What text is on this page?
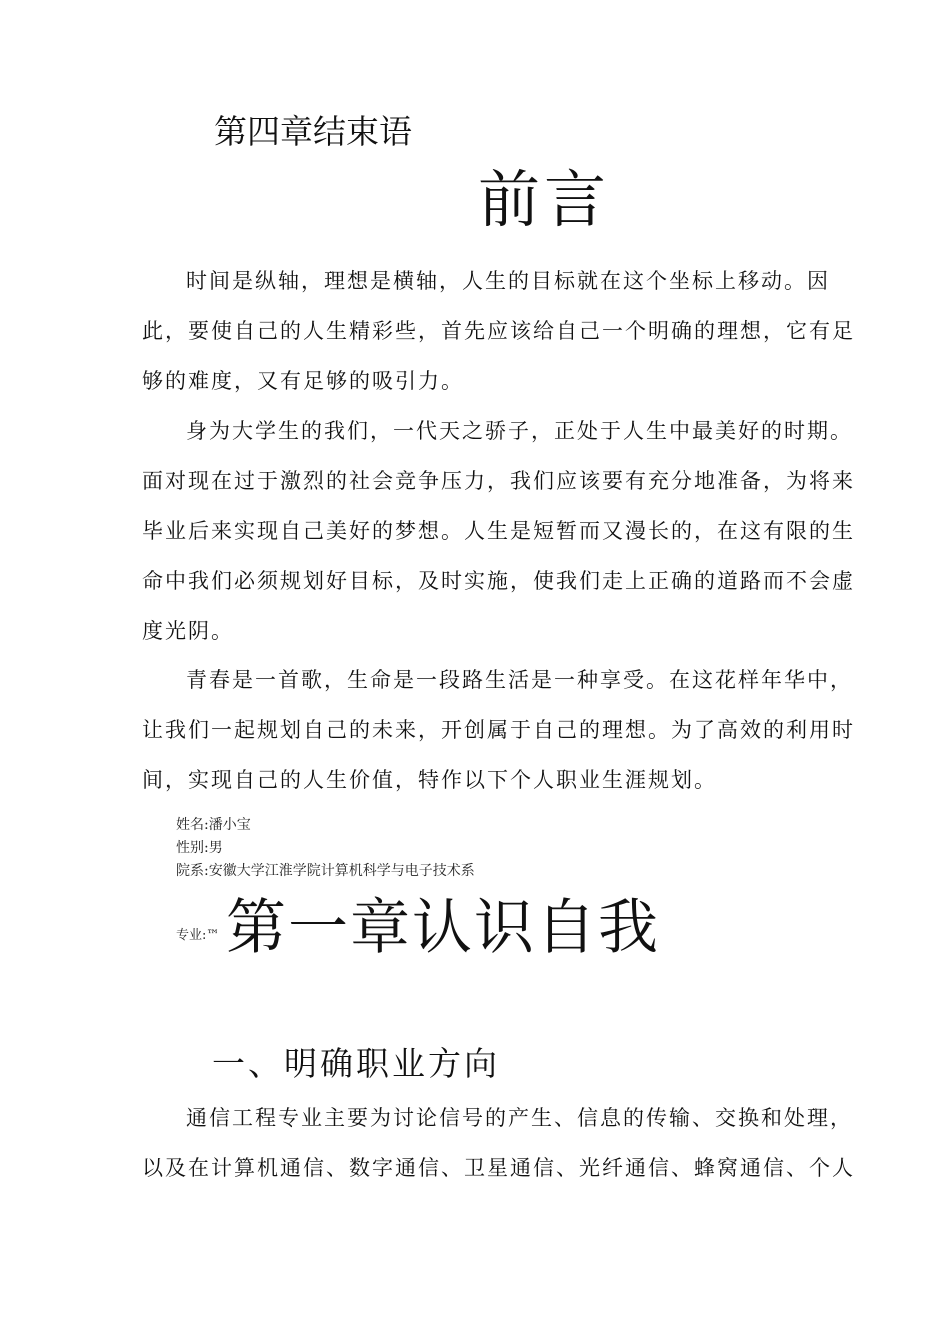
第四章结束语
前言
时间是纵轴，理想是横轴，人生的目标就在这个坐标上移动。因
此，要使自己的人生精彩些，首先应该给自己一个明确的理想，它有足
够的难度，又有足够的吸引力。
身为大学生的我们，一代天之骄子，正处于人生中最美好的时期。
面对现在过于激烈的社会竞争压力，我们应该要有充分地准备，为将来
毕业后来实现自己美好的梦想。人生是短暂而又漫长的，在这有限的生
命中我们必须规划好目标，及时实施，使我们走上正确的道路而不会虚
度光阴。
青春是一首歌，生命是一段路生活是一种享受。在这花样年华中，
让我们一起规划自己的未来，开创属于自己的理想。为了高效的利用时
间，实现自己的人生价值，特作以下个人职业生涯规划。
姓名:潘小宝
性别:男
院系:安徽大学江淮学院计算机科学与电子技术系
专业:™ 第一章认识自我
一、明确职业方向
通信工程专业主要为讨论信号的产生、信息的传输、交换和处理，
以及在计算机通信、数字通信、卫星通信、光纤通信、蜂窝通信、个人
